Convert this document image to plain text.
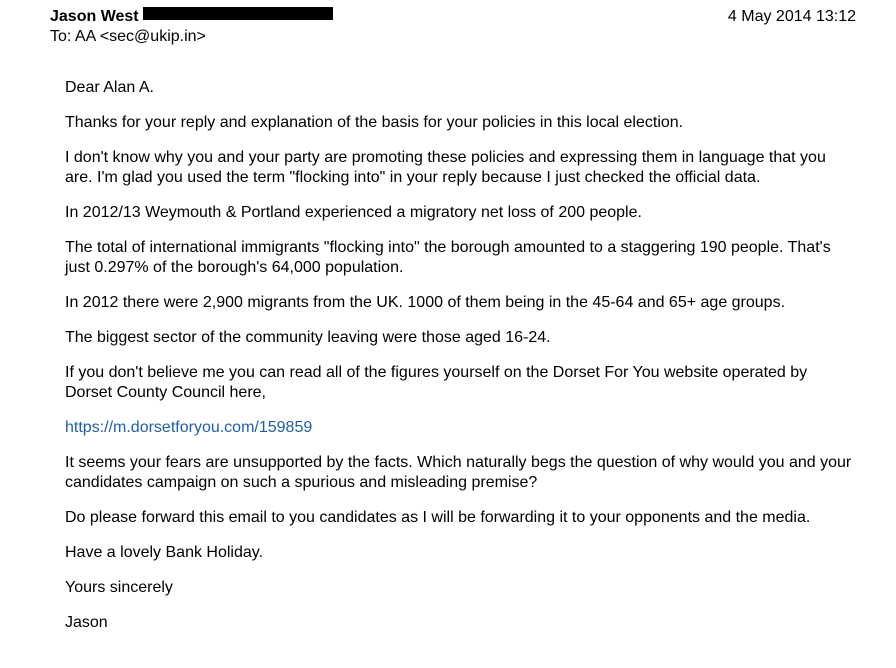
Jason West
To: AA <sec@ukip.in>
4 May 2014 13:12

Dear Alan A.

Thanks for your reply and explanation of the basis for your policies in this local election.

I don't know why you and your party are promoting these policies and expressing them in language that you are. I'm glad you used the term "flocking into" in your reply because I just checked the official data.

In 2012/13 Weymouth & Portland experienced a migratory net loss of 200 people.

The total of international immigrants "flocking into" the borough amounted to a staggering 190 people. That's just 0.297% of the borough's 64,000 population.

In 2012 there were 2,900 migrants from the UK. 1000 of them being in the 45-64 and 65+ age groups.

The biggest sector of the community leaving were those aged 16-24.

If you don't believe me you can read all of the figures yourself on the Dorset For You website operated by Dorset County Council here,

https://m.dorsetforyou.com/159859

It seems your fears are unsupported by the facts. Which naturally begs the question of why would you and your candidates campaign on such a spurious and misleading premise?

Do please forward this email to you candidates as I will be forwarding it to your opponents and the media.

Have a lovely Bank Holiday.

Yours sincerely

Jason
